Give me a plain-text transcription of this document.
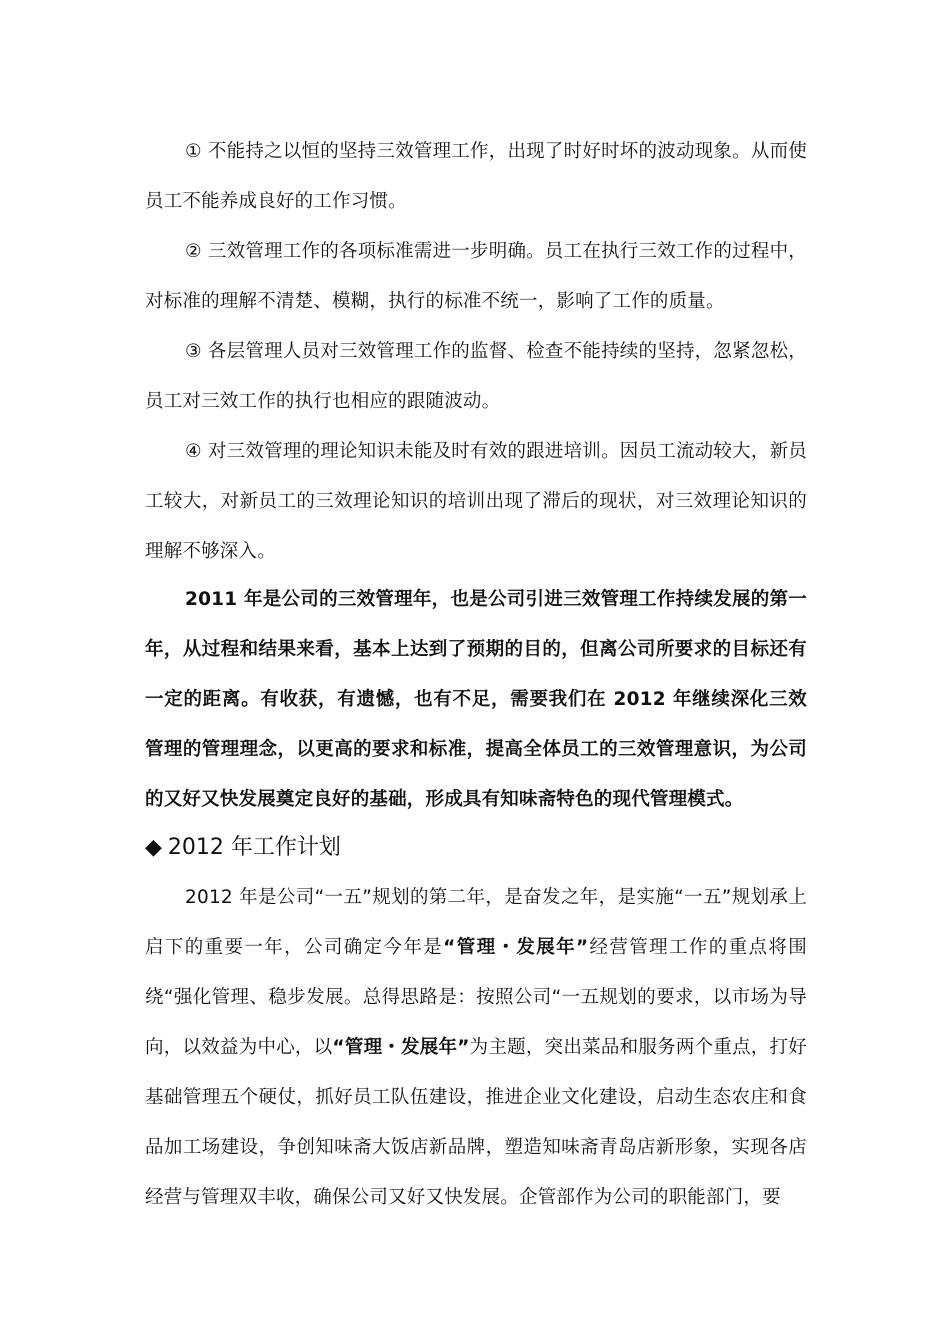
① 不能持之以恒的坚持三效管理工作，出现了时好时坏的波动现象。从而使员工不能养成良好的工作习惯。

② 三效管理工作的各项标准需进一步明确。员工在执行三效工作的过程中，对标准的理解不清楚、模糊，执行的标准不统一，影响了工作的质量。

③ 各层管理人员对三效管理工作的监督、检查不能持续的坚持，忽紧忽松，员工对三效工作的执行也相应的跟随波动。

④ 对三效管理的理论知识未能及时有效的跟进培训。因员工流动较大，新员工较大，对新员工的三效理论知识的培训出现了滞后的现状，对三效理论知识的理解不够深入。

2011 年是公司的三效管理年，也是公司引进三效管理工作持续发展的第一年，从过程和结果来看，基本上达到了预期的目的，但离公司所要求的目标还有一定的距离。有收获，有遗憾，也有不足，需要我们在 2012 年继续深化三效管理的管理理念，以更高的要求和标准，提高全体员工的三效管理意识，为公司的又好又快发展奠定良好的基础，形成具有知味斋特色的现代管理模式。

◆ 2012 年工作计划

2012 年是公司“一五”规划的第二年，是奋发之年，是实施“一五”规划承上启下的重要一年，公司确定今年是“管理・发展年”经营管理工作的重点将围绕“强化管理、稳步发展。总得思路是：按照公司“一五规划的要求，以市场为导向，以效益为中心，以“管理・发展年”为主题，突出菜品和服务两个重点，打好基础管理五个硬仗，抓好员工队伍建设，推进企业文化建设，启动生态农庄和食品加工场建设，争创知味斋大饭店新品牌，塑造知味斋青岛店新形象，实现各店经营与管理双丰收，确保公司又好又快发展。企管部作为公司的职能部门，要
